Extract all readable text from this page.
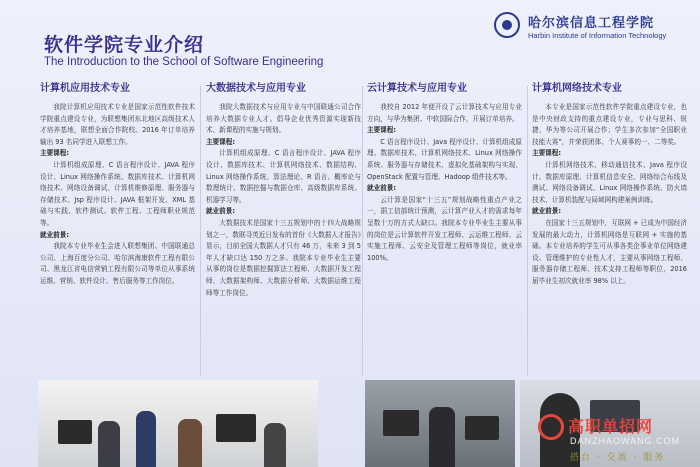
软件学院专业介绍
The Introduction to the School of Software Engineering
哈尔滨信息工程学院
Harbin Institute of Information Technology
计算机应用技术专业

我院计算机应用技术专业是国家示范性软件技术学院重点建设专业，为联想集团东北地区高级技术人才培养基地，联想全面合作院校。2016 年订单培养输出 93 名同学进入联想工作。

主要课程:

计算机组成原理、C 语言程序设计、JAVA 程序设计、Linux 网络操作系统、数据库技术、计算机网络技术、网络设备调试、计算机维修原理、服务器与存储技术、Jsp 程序设计、JAVA 框架开发、XML 基础与实践、软件测试、软件工程、工程师职业规范等。

就业前景:

我院本专业毕业生会进入联想集团、中国联通总公司、上海百度分公司、哈尔滨海康软件工程有限公司、黑龙江省电信营销工程有限公司等单位从事系统运维、营销、软件设计、售后服务等工作岗位。

大数据技术与应用专业

我院大数据技术与应用专业与中国联通公司合作培养大数据专业人才。倡导企业优秀资源实现新技术、新课程的实施与规划。

主要课程:

计算机组成原理、C 语言程序设计、JAVA 程序设计、数据库技术、计算机网络技术、数据结构、Linux 网络操作系统、算法理论、R 语言、概率论与数理统计、数据挖掘与数据仓库、高级数据库系统、机器学习等。

就业前景:

大数据技术是国家十三五规划中的十四大战略规划之一，数联寻英近日发布的首份《大数据人才报告》显示，目前全国大数据人才只有 46 万，未来 3 到 5 年人才缺口达 150 万之多。我院本专业毕业生主要从事的岗位是数据挖掘算法工程师、大数据开发工程师、大数据架构师、大数据分析师、大数据运维工程师等工作岗位。

云计算技术与应用专业

我校自 2012 年便开设了云计算技术与应用专业方向，与华为集团、中软国际合作，开展订单培养。

主要课程:

C 语言程序设计、Java 程序设计、计算机组成原理、数据库技术、计算机网络技术、Linux 网络操作系统、服务器与存储技术、虚拟化基础架构与实现、OpenStack 配置与管理、Hadoop 组件技术等。

就业前景:

云计算是国家“十三五”规划战略性重点产业之一，据工信部统计预测，云计算产业人才的需求每年呈数十万的方式大缺口。我院本专业毕业生主要从事的岗位是云计算软件开发工程师、云运维工程师、云实施工程师、云安全及管理工程师等岗位，就业率 100%。

计算机网络技术专业

本专业是国家示范性软件学院重点建设专业，也是中央财政支持的重点建设专业，专业与思科、锐捷、华为等公司开展合作；学生多次参加“全国职业技能大赛”，并荣获团体、个人赛事的一、二等奖。

主要课程:

计算机网络技术、移动通信技术、Java 程序设计、数据库原理、计算机信息安全、网络综合布线及测试、网络设备调试、Linux 网络操作系统、防火墙技术、计算机装配与局域网构建案例训练。

就业前景:

在国家十三五规划中，互联网 + 已成为中国经济发展的最大动力，计算机网络是互联网 + 实施的基础。本专业培养的学生可从事各类企事业单位网络建设、管理维护的专业性人才，主要从事网络工程师、服务器存储工程师、技术支持工程师等职位，2016 届毕业生初次就业率 98% 以上。

高职单招网
DANZHAOWANG.COM
搭台 · 交流 · 服务
